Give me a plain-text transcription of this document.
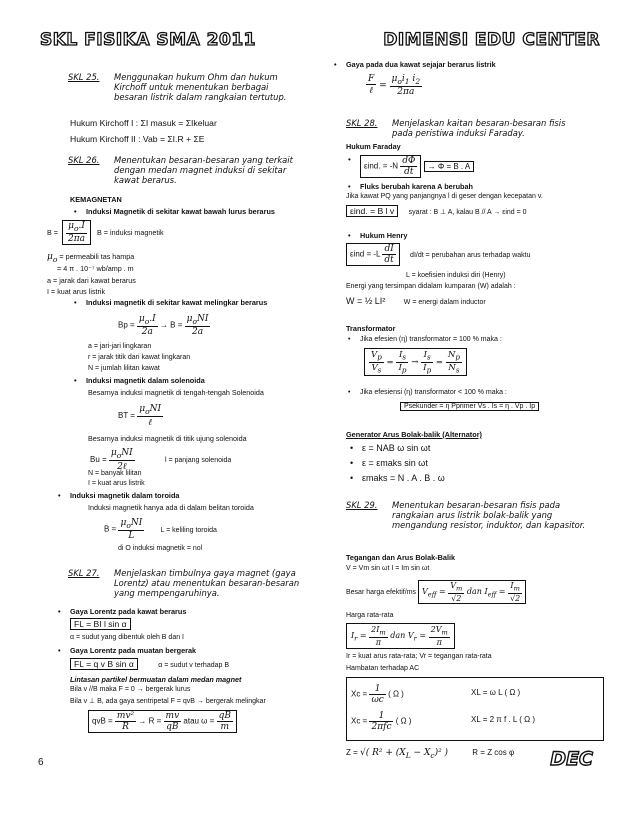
SKL FISIKA SMA 2011	DIMENSI EDU CENTER
SKL 25. Menggunakan hukum Ohm dan hukum Kirchoff untuk menentukan berbagai besaran listrik dalam rangkaian tertutup.
Hukum Kirchoff I : ΣI masuk = ΣIkeluar
Hukum Kirchoff II : Vab = ΣI.R + ΣE
SKL 26. Menentukan besaran-besaran yang terkait dengan medan magnet induksi di sekitar kawat berarus.
KEMAGNETAN
• Induksi Magnetik di sekitar kawat bawah lurus berarus
$B = \frac{\mu_o.I}{2\pi a}$ B = induksi magnetik
$\mu_o$ = permeabili tas hampa
= 4 π . 10⁻⁷ wb/amp . m
a = jarak dari kawat berarus
I = kuat arus listrik
• Induksi magnetik di sekitar kawat melingkar berarus
$Bp = \frac{\mu_o.I}{2a} \to B = \frac{\mu_oNI}{2a}$
a = jari-jari lingkaran
r = jarak titik dari kawat lingkaran
N = jumlah lilitan kawat
• Induksi magnetik dalam solenoida
Besarnya induksi magnetik di tengah-tengah Solenoida
BT = $\frac{\mu_oNI}{\text{ℓ}}$
Besarnya induksi magnetik di titik ujung solenoida
$Bu = \frac{\mu_oNI}{\text{2ℓ}}$	l = panjang solenoida
N = banyak lilitan
I = kuat arus listrik
• Induksi magnetik dalam toroida
Induksi magnetik hanya ada di dalam belitan toroida
$B = \frac{\mu_oNI}{L}$ L = keliling toroida
di O induksi magnetik = nol
SKL 27. Menjelaskan timbulnya gaya magnet (gaya Lorentz) atau menentukan besaran-besaran yang mempengaruhinya.
• Gaya Lorentz pada kawat berarus
FL = BI l sin α
α = sudut yang dibentuk oleh B dan I
• Gaya Lorentz pada muatan bergerak
FL = q v B sin α	α = sudut v terhadap B
Lintasan partikel bermuatan dalam medan magnet
Bila v //B maka F = 0 → bergerak lurus
Bila v ⊥ B, ada gaya sentripetal F = qvB → bergerak melingkar
qvB = $\frac{\text{mv²}}{R} \to R = \frac{mv}{qB}$ atau $\omega = \frac{qB}{m}$
• Gaya pada dua kawat sejajar berarus listrik
$\frac{F}{\text{ℓ}} = \frac{\mu_oi_1 i_2}{2\pi a}$
SKL 28. Menjelaskan kaitan besaran-besaran fisis pada peristiwa induksi Faraday.
Hukum Faraday
• εind. = $-N \frac{d\Phi}{dt} \to \Phi = B$ . A
• Fluks berubah karena A berubah
Jika kawat PQ yang panjangnya l di geser dengan kecepatan v.
εind. = B l v syarat : B ⊥ A, kalau B // A → εind = 0
• Hukum Henry
$\varepsilon ind = -L \frac{dI}{dt} dI/dt$ = perubahan arus terhadap waktu
L = koefisien induksi diri (Henry)
Energi yang tersimpan didalam kumparan (W) adalah :
W = ½ LI²	W = energi dalam inductor
Transformator
• Jika efesien (η) transformator = 100 % maka :
$\frac{V_p}{V_s} = \frac{I_s}{I_p} \to \frac{I_s}{I_p} = \frac{N_p}{N_s}$
• Jika efesiensi (η) transformator < 100 % maka :
Psekunder = η Pprimer Vs . Is = η . Vp . Ip
Generator Arus Bolak-balik (Alternator)
• ε = NAB ω sin ωt
• ε = εmaks sin ωt
• εmaks = N . A . B . ω
SKL 29. Menentukan besaran-besaran fisis pada rangkaian arus listrik bolak-balik yang mengandung resistor, induktor, dan kapasitor.
Tegangan dan Arus Bolak-Balik
V = Vm sin ωt I = Im sin ωt
Besar harga efektif/ms $V_{eff} = \frac{V_m}{√2}$ dan $I_{eff} = \frac{I_m}{√2}$
Harga rata-rata
$I_r = \frac{2I_m}{\pi}$ dan $V_r = \frac{2V_m}{\pi}$
Ir = kuat arus rata-rata; Vr = tegangan rata-rata
Hambatan terhadap AC
$Xc = \frac{1}{\omega c}$ ( Ω )	XL = ω L ( Ω )
$Xc = \frac{1}{\text{2πfc}}$ ( Ω )	XL = 2 π f . L ( Ω )
Z = √( $R^2 + (X_L - X_c)^2$ )	R = Z cos φ
6	DEC
